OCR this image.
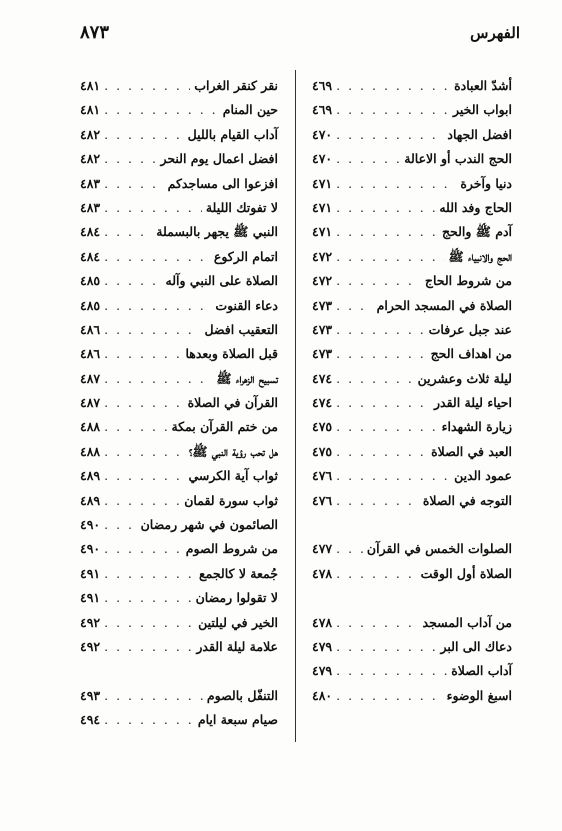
الفهرس
٨٧٣
أشدّ العبادة
. . .
٤٦٩
ابواب الخير
. . .
٤٦٩
افضل الجهاد
. . .
٤٧٠
الحج الندب أو الاعالة
. . .
٤٧٠
دنيا وآخرة
. . .
٤٧١
الحاج وفد الله
. . .
٤٧١
آدم ﷺ والحج
. . .
٤٧١
الحج والانبياء ﷺ
. . .
٤٧٢
من شروط الحاج
. . .
٤٧٢
الصلاة في المسجد الحرام
. . .
٤٧٣
عند جبل عرفات
. . .
٤٧٣
من اهداف الحج
. . .
٤٧٣
ليلة ثلاث وعشرين
. . .
٤٧٤
احياء ليلة القدر
. . .
٤٧٤
زيارة الشهداء
. . .
٤٧٥
العبد في الصلاة
. . .
٤٧٥
عمود الدين
. . .
٤٧٦
التوجه في الصلاة
. . .
٤٧٦
الصلوات الخمس في القرآن
. . .
٤٧٧
الصلاة أول الوقت
. . .
٤٧٨
من آداب المسجد
. . .
٤٧٨
دعاك الى البر
. . .
٤٧٩
آداب الصلاة
. . .
٤٧٩
اسبغ الوضوء
. . .
٤٨٠
نقر كنقر الغراب
. . .
٤٨١
حين المنام
. . .
٤٨١
آداب القيام بالليل
. . .
٤٨٢
افضل اعمال يوم النحر
. . .
٤٨٢
افزعوا الى مساجدكم
. . .
٤٨٣
لا تفوتك الليلة
. . .
٤٨٣
النبي ﷺ يجهر بالبسملة
. . .
٤٨٤
اتمام الركوع
. . .
٤٨٤
الصلاة على النبي وآله
. . .
٤٨٥
دعاء القنوت
. . .
٤٨٥
التعقيب افضل
. . .
٤٨٦
قبل الصلاة وبعدها
. . .
٤٨٦
تسبيح الزهراء ﷺ
. . .
٤٨٧
القرآن في الصلاة
. . .
٤٨٧
من ختم القرآن بمكة
. . .
٤٨٨
هل تحب رؤية النبي ﷺ؟
. . .
٤٨٨
ثواب آية الكرسي
. . .
٤٨٩
ثواب سورة لقمان
. . .
٤٨٩
الصائمون في شهر رمضان
. . .
٤٩٠
من شروط الصوم
. . .
٤٩٠
جُمعة لا كالجمع
. . .
٤٩١
لا تقولوا رمضان
. . .
٤٩١
الخير في ليلتين
. . .
٤٩٢
علامة ليلة القدر
. . .
٤٩٢
التنفّل بالصوم
. . .
٤٩٣
صيام سبعة ايام
. . .
٤٩٤
